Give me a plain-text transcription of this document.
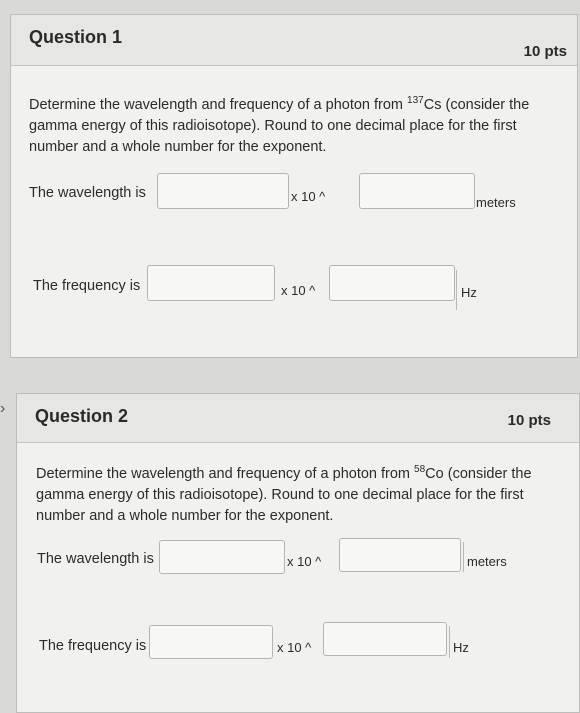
›
Question 1
10 pts
Determine the wavelength and frequency of a photon from $^{137}$Cs (consider the gamma energy of this radioisotope). Round to one decimal place for the first number and a whole number for the exponent.
The wavelength is	x 10 ^	meters
The frequency is	x 10 ^	Hz
Question 2	10 pts
Determine the wavelength and frequency of a photon from $^{58}$Co (consider the gamma energy of this radioisotope). Round to one decimal place for the first number and a whole number for the exponent.
The wavelength is	x 10 ^	meters
The frequency is	x 10 ^	Hz
